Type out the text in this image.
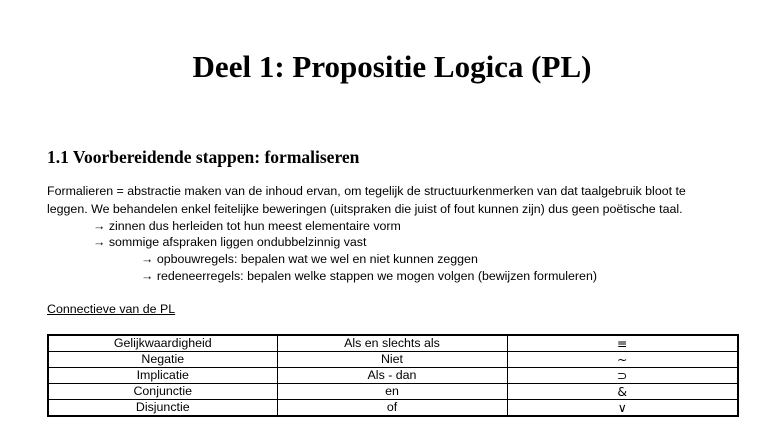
Deel 1: Propositie Logica (PL)
1.1 Voorbereidende stappen: formaliseren
Formalieren = abstractie maken van de inhoud ervan, om tegelijk de structuurkenmerken van dat taalgebruik bloot te
leggen. We behandelen enkel feitelijke beweringen (uitspraken die juist of fout kunnen zijn) dus geen poëtische taal.
→ zinnen dus herleiden tot hun meest elementaire vorm
→ sommige afspraken liggen ondubbelzinnig vast
→ opbouwregels: bepalen wat we wel en niet kunnen zeggen
→ redeneerregels: bepalen welke stappen we mogen volgen (bewijzen formuleren)
Connectieve van de PL
Gelijkwaardigheid	Als en slechts als	≡
Negatie	Niet	~
Implicatie	Als - dan	⊃
Conjunctie	en	&
Disjunctie	of	∨
